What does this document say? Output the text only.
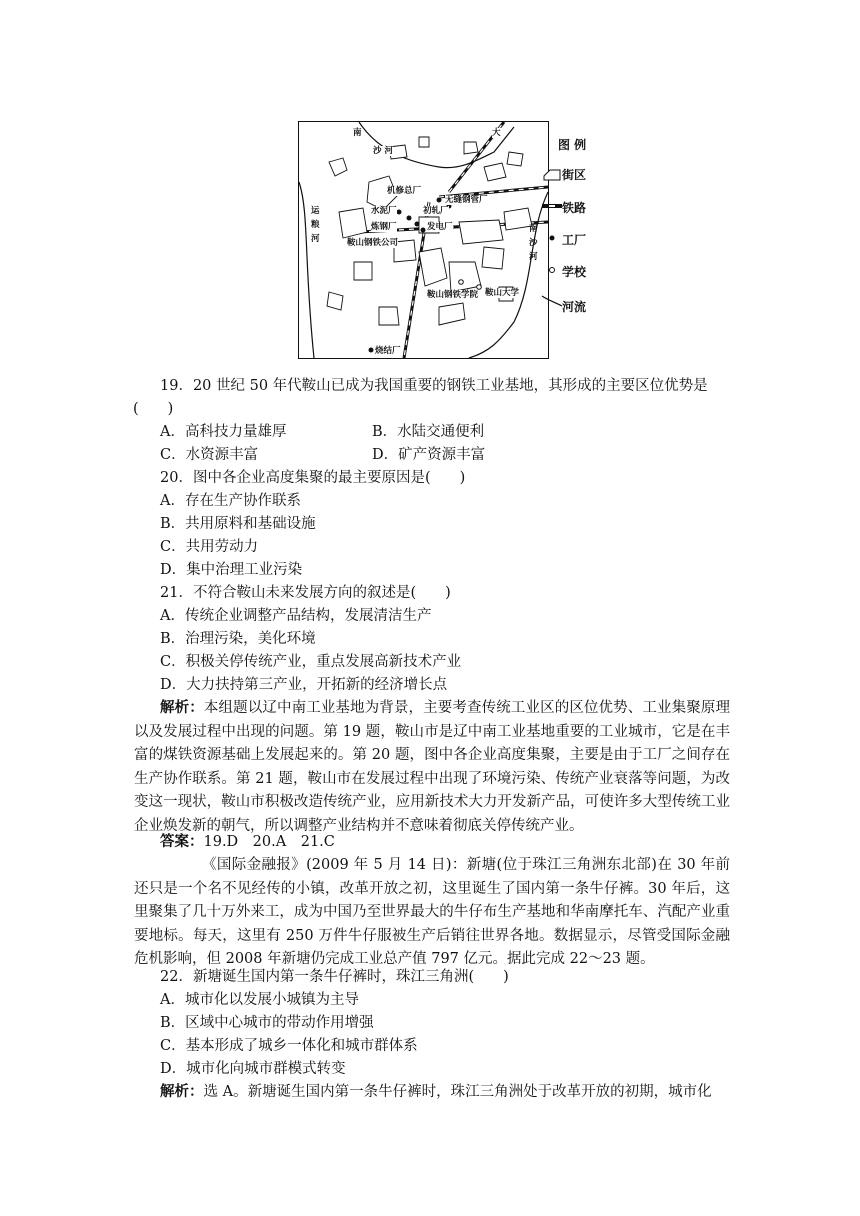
南
沙 河
大
运
粮
河
南
沙
河
机修总厂
无缝钢管厂
水泥厂	初轧厂
炼钢厂	发电厂
鞍山钢铁公司
鞍山钢铁学院 鞍山大学
烧结厂
图 例
街区
铁路
工厂
学校
河流
19．20 世纪 50 年代鞍山已成为我国重要的钢铁工业基地，其形成的主要区位优势是
(　　)
A．高科技力量雄厚	B．水陆交通便利
C．水资源丰富	D．矿产资源丰富
20．图中各企业高度集聚的最主要原因是(　　)
A．存在生产协作联系
B．共用原料和基础设施
C．共用劳动力
D．集中治理工业污染
21．不符合鞍山未来发展方向的叙述是(　　)
A．传统企业调整产品结构，发展清洁生产
B．治理污染，美化环境
C．积极关停传统产业，重点发展高新技术产业
D．大力扶持第三产业，开拓新的经济增长点
解析：本组题以辽中南工业基地为背景，主要考查传统工业区的区位优势、工业集聚原理以及发展过程中出现的问题。第 19 题，鞍山市是辽中南工业基地重要的工业城市，它是在丰富的煤铁资源基础上发展起来的。第 20 题，图中各企业高度集聚，主要是由于工厂之间存在生产协作联系。第 21 题，鞍山市在发展过程中出现了环境污染、传统产业衰落等问题，为改变这一现状，鞍山市积极改造传统产业，应用新技术大力开发新产品，可使许多大型传统工业企业焕发新的朝气，所以调整产业结构并不意味着彻底关停传统产业。
答案：19.D　20.A　21.C
《国际金融报》(2009 年 5 月 14 日)：新塘(位于珠江三角洲东北部)在 30 年前还只是一个名不见经传的小镇，改革开放之初，这里诞生了国内第一条牛仔裤。30 年后，这里聚集了几十万外来工，成为中国乃至世界最大的牛仔布生产基地和华南摩托车、汽配产业重要地标。每天，这里有 250 万件牛仔服被生产后销往世界各地。数据显示，尽管受国际金融危机影响，但 2008 年新塘仍完成工业总产值 797 亿元。据此完成 22～23 题。
22．新塘诞生国内第一条牛仔裤时，珠江三角洲(　　)
A．城市化以发展小城镇为主导
B．区域中心城市的带动作用增强
C．基本形成了城乡一体化和城市群体系
D．城市化向城市群模式转变
解析：选 A。新塘诞生国内第一条牛仔裤时，珠江三角洲处于改革开放的初期，城市化
